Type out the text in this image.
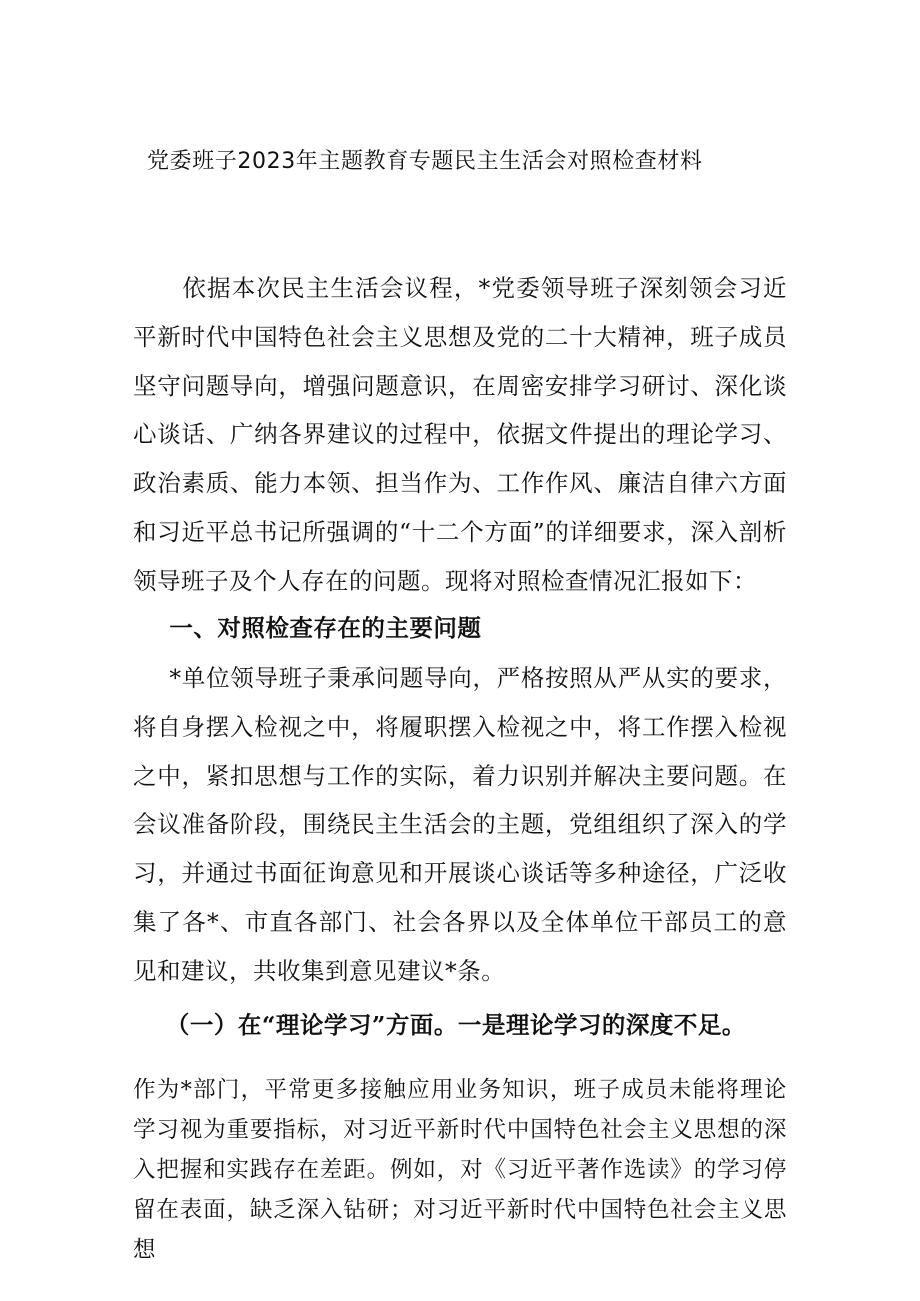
党委班子2023年主题教育专题民主生活会对照检查材料

依据本次民主生活会议程，*党委领导班子深刻领会习近平新时代中国特色社会主义思想及党的二十大精神，班子成员坚守问题导向，增强问题意识，在周密安排学习研讨、深化谈心谈话、广纳各界建议的过程中，依据文件提出的理论学习、政治素质、能力本领、担当作为、工作作风、廉洁自律六方面和习近平总书记所强调的“十二个方面”的详细要求，深入剖析领导班子及个人存在的问题。现将对照检查情况汇报如下：

一、对照检查存在的主要问题

*单位领导班子秉承问题导向，严格按照从严从实的要求，将自身摆入检视之中，将履职摆入检视之中，将工作摆入检视之中，紧扣思想与工作的实际，着力识别并解决主要问题。在会议准备阶段，围绕民主生活会的主题，党组组织了深入的学习，并通过书面征询意见和开展谈心谈话等多种途径，广泛收集了各*、市直各部门、社会各界以及全体单位干部员工的意见和建议，共收集到意见建议*条。

（一）在“理论学习”方面。一是理论学习的深度不足。

作为*部门，平常更多接触应用业务知识，班子成员未能将理论学习视为重要指标，对习近平新时代中国特色社会主义思想的深入把握和实践存在差距。例如，对《习近平著作选读》的学习停留在表面，缺乏深入钻研；对习近平新时代中国特色社会主义思想
